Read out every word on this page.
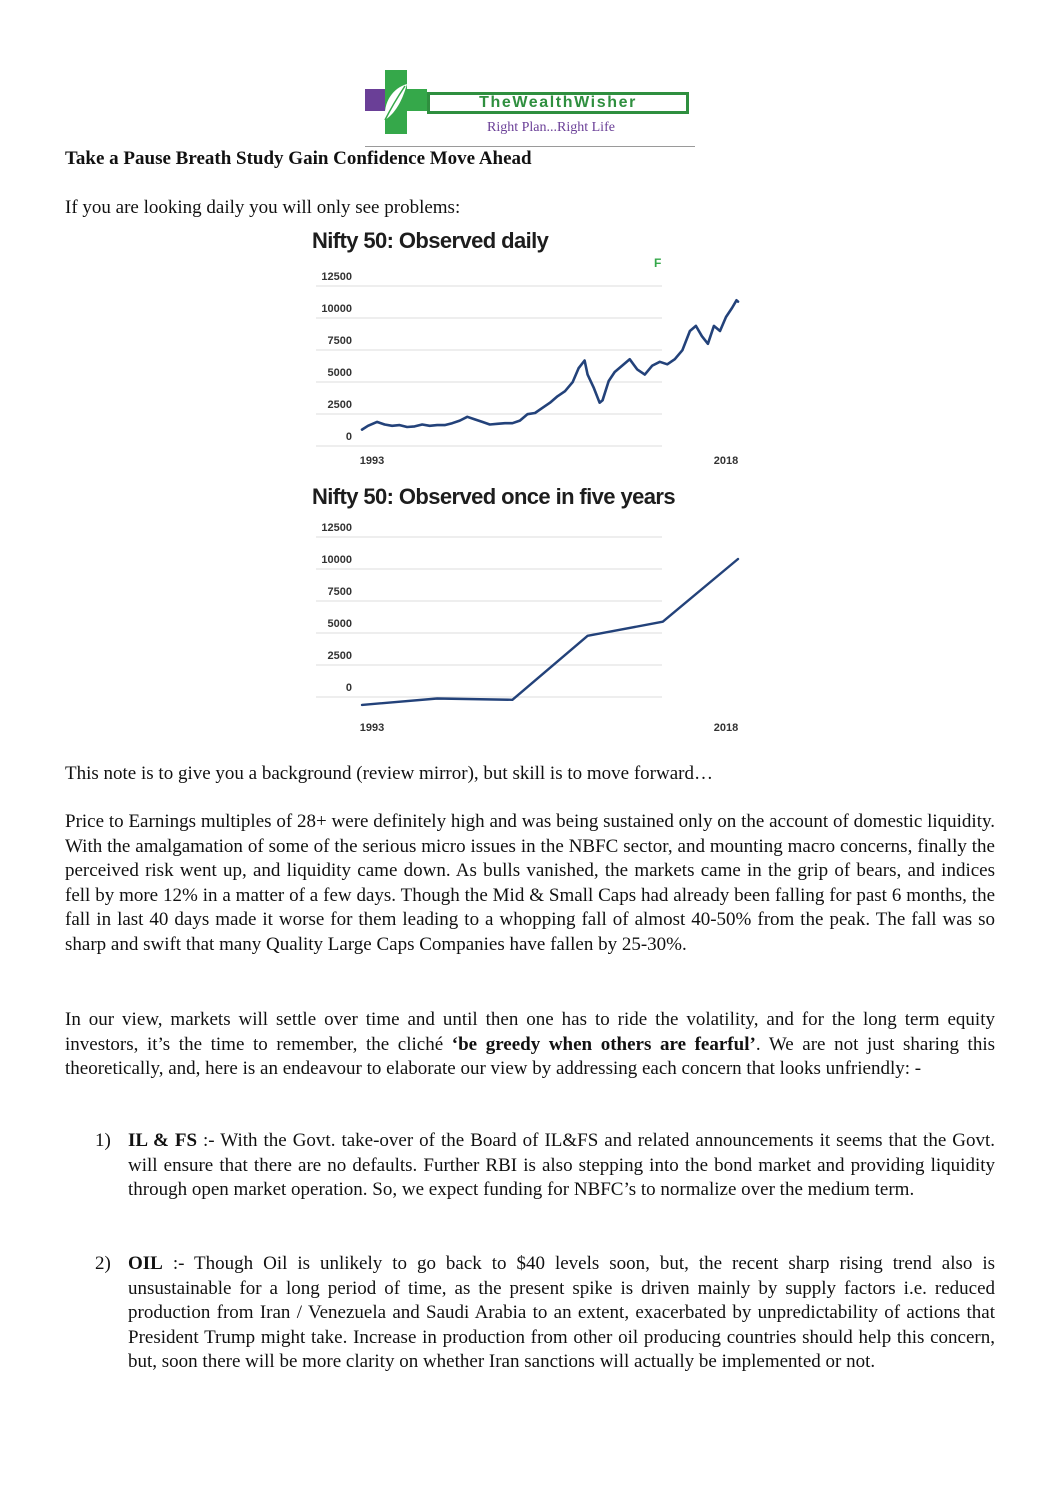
TheWealthWisher
Right Plan...Right Life
Take a Pause Breath Study Gain Confidence Move Ahead
If you are looking daily you will only see problems:
12500
10000
7500
5000
2500
0
1993	2018
Nifty 50: Observed daily
F
12500
10000
7500
5000
2500
0
1993	2018
Nifty 50: Observed once in five years
This note is to give you a background (review mirror), but skill is to move forward…
Price to Earnings multiples of 28+ were definitely high and was being sustained only on the account of domestic liquidity. With the amalgamation of some of the serious micro issues in the NBFC sector, and mounting macro concerns, finally the perceived risk went up, and liquidity came down. As bulls vanished, the markets came in the grip of bears, and indices fell by more 12% in a matter of a few days. Though the Mid & Small Caps had already been falling for past 6 months, the fall in last 40 days made it worse for them leading to a whopping fall of almost 40-50% from the peak. The fall was so sharp and swift that many Quality Large Caps Companies have fallen by 25-30%.
In our view, markets will settle over time and until then one has to ride the volatility, and for the long term equity investors, it’s the time to remember, the cliché ‘be greedy when others are fearful’. We are not just sharing this theoretically, and, here is an endeavour to elaborate our view by addressing each concern that looks unfriendly: -
1) IL & FS :- With the Govt. take-over of the Board of IL&FS and related announcements it seems that the Govt. will ensure that there are no defaults. Further RBI is also stepping into the bond market and providing liquidity through open market operation. So, we expect funding for NBFC’s to normalize over the medium term.
2) OIL :- Though Oil is unlikely to go back to $40 levels soon, but, the recent sharp rising trend also is unsustainable for a long period of time, as the present spike is driven mainly by supply factors i.e. reduced production from Iran / Venezuela and Saudi Arabia to an extent, exacerbated by unpredictability of actions that President Trump might take. Increase in production from other oil producing countries should help this concern, but, soon there will be more clarity on whether Iran sanctions will actually be implemented or not.
